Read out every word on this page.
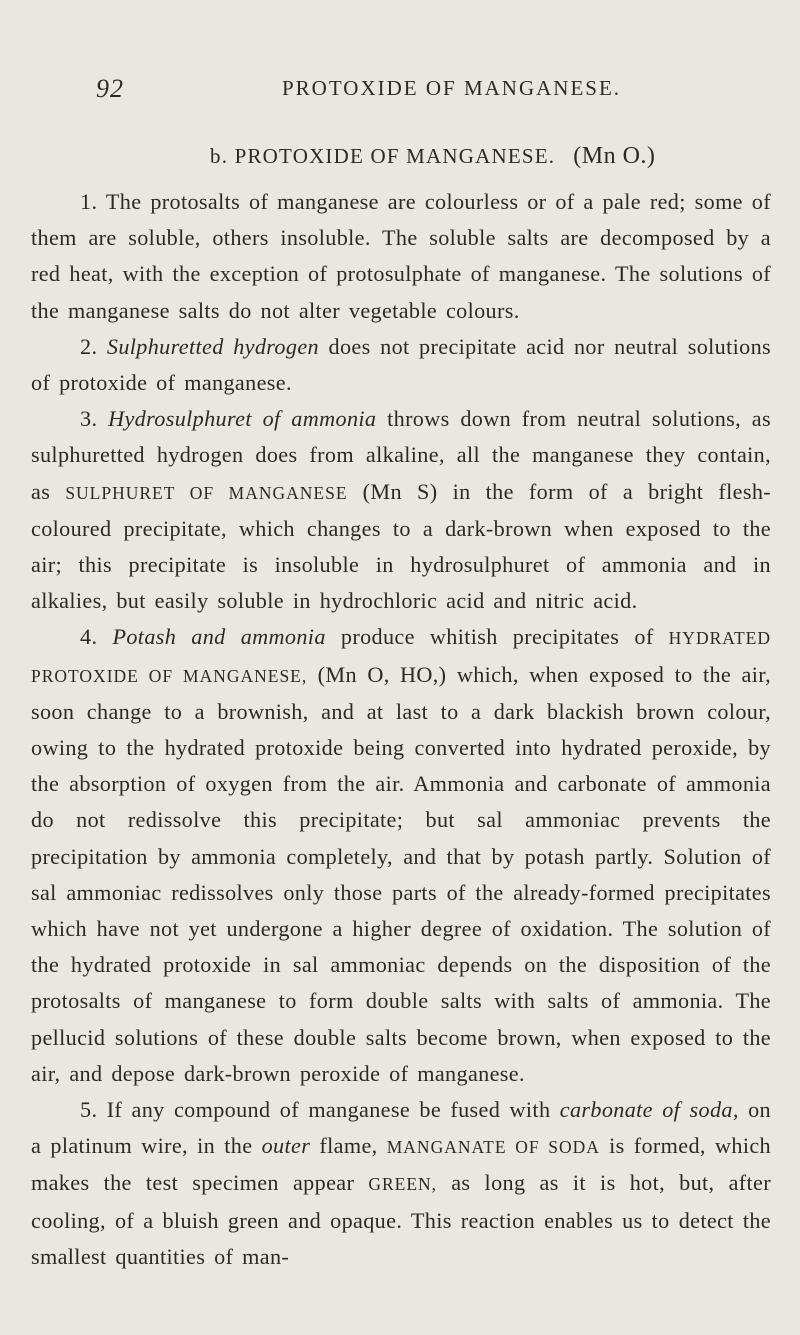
92	PROTOXIDE OF MANGANESE.
b. PROTOXIDE OF MANGANESE. (Mn O.)

1. The protosalts of manganese are colourless or of a pale red; some of them are soluble, others insoluble. The soluble salts are decomposed by a red heat, with the exception of protosulphate of manganese. The solutions of the manganese salts do not alter vegetable colours.

2. Sulphuretted hydrogen does not precipitate acid nor neutral solutions of protoxide of manganese.

3. Hydrosulphuret of ammonia throws down from neutral solutions, as sulphuretted hydrogen does from alkaline, all the manganese they contain, as SULPHURET OF MANGANESE (Mn S) in the form of a bright flesh-coloured precipitate, which changes to a dark-brown when exposed to the air; this precipitate is insoluble in hydrosulphuret of ammonia and in alkalies, but easily soluble in hydrochloric acid and nitric acid.

4. Potash and ammonia produce whitish precipitates of HYDRATED PROTOXIDE OF MANGANESE, (Mn O, HO,) which, when exposed to the air, soon change to a brownish, and at last to a dark blackish brown colour, owing to the hydrated protoxide being converted into hydrated peroxide, by the absorption of oxygen from the air. Ammonia and carbonate of ammonia do not redissolve this precipitate; but sal ammoniac prevents the precipitation by ammonia completely, and that by potash partly. Solution of sal ammoniac redissolves only those parts of the already-formed precipitates which have not yet undergone a higher degree of oxidation. The solution of the hydrated protoxide in sal ammoniac depends on the disposition of the protosalts of manganese to form double salts with salts of ammonia. The pellucid solutions of these double salts become brown, when exposed to the air, and depose dark-brown peroxide of manganese.

5. If any compound of manganese be fused with carbonate of soda, on a platinum wire, in the outer flame, MANGANATE OF SODA is formed, which makes the test specimen appear GREEN, as long as it is hot, but, after cooling, of a bluish green and opaque. This reaction enables us to detect the smallest quantities of man-
